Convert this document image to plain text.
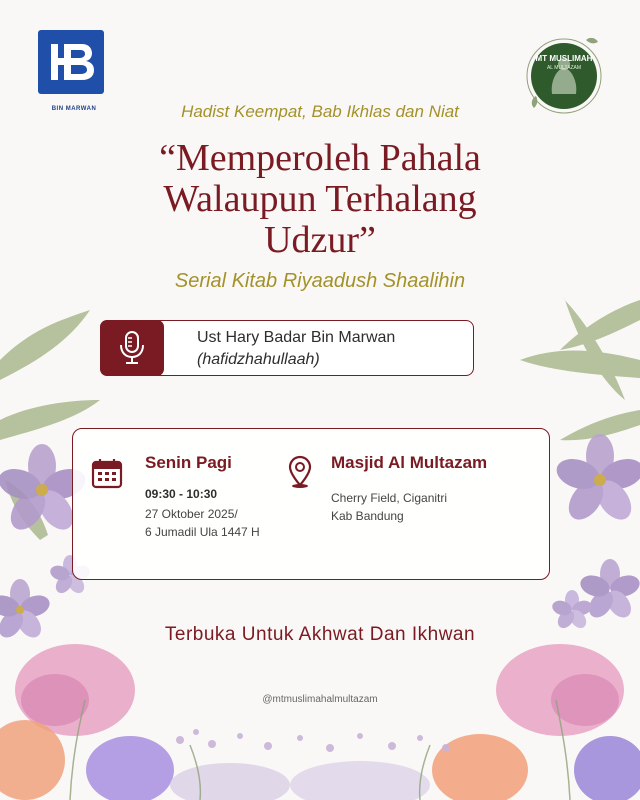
BIN MARWAN
MT MUSLIMAH
AL MULTAZAM
Hadist Keempat, Bab Ikhlas dan Niat
“Memperoleh Pahala
Walaupun Terhalang
Udzur”
Serial Kitab Riyaadush Shaalihin
Ust Hary Badar Bin Marwan
(hafidzhahullaah)
Senin Pagi
09:30 - 10:30
27 Oktober 2025/
6 Jumadil Ula 1447 H
Masjid Al Multazam
Cherry Field, Ciganitri
Kab Bandung
Terbuka Untuk Akhwat Dan Ikhwan
@mtmuslimahalmultazam
